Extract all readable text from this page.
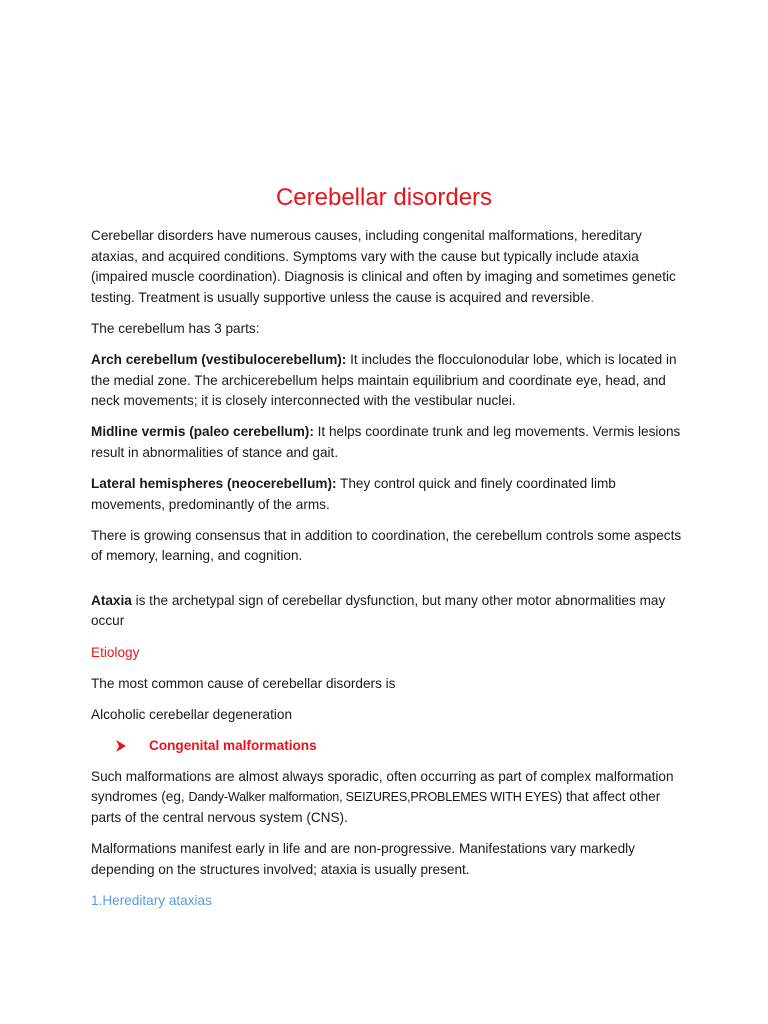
Cerebellar disorders

Cerebellar disorders have numerous causes, including congenital malformations, hereditary ataxias, and acquired conditions. Symptoms vary with the cause but typically include ataxia (impaired muscle coordination). Diagnosis is clinical and often by imaging and sometimes genetic testing. Treatment is usually supportive unless the cause is acquired and reversible.

The cerebellum has 3 parts:

Arch cerebellum (vestibulocerebellum): It includes the flocculonodular lobe, which is located in the medial zone. The archicerebellum helps maintain equilibrium and coordinate eye, head, and neck movements; it is closely interconnected with the vestibular nuclei.

Midline vermis (paleo cerebellum): It helps coordinate trunk and leg movements. Vermis lesions result in abnormalities of stance and gait.

Lateral hemispheres (neocerebellum): They control quick and finely coordinated limb movements, predominantly of the arms.

There is growing consensus that in addition to coordination, the cerebellum controls some aspects of memory, learning, and cognition.

Ataxia is the archetypal sign of cerebellar dysfunction, but many other motor abnormalities may occur

Etiology

The most common cause of cerebellar disorders is

Alcoholic cerebellar degeneration

Congenital malformations

Such malformations are almost always sporadic, often occurring as part of complex malformation syndromes (eg, Dandy-Walker malformation, SEIZURES,PROBLEMES WITH EYES) that affect other parts of the central nervous system (CNS).

Malformations manifest early in life and are non-progressive. Manifestations vary markedly depending on the structures involved; ataxia is usually present.

1.Hereditary ataxias
